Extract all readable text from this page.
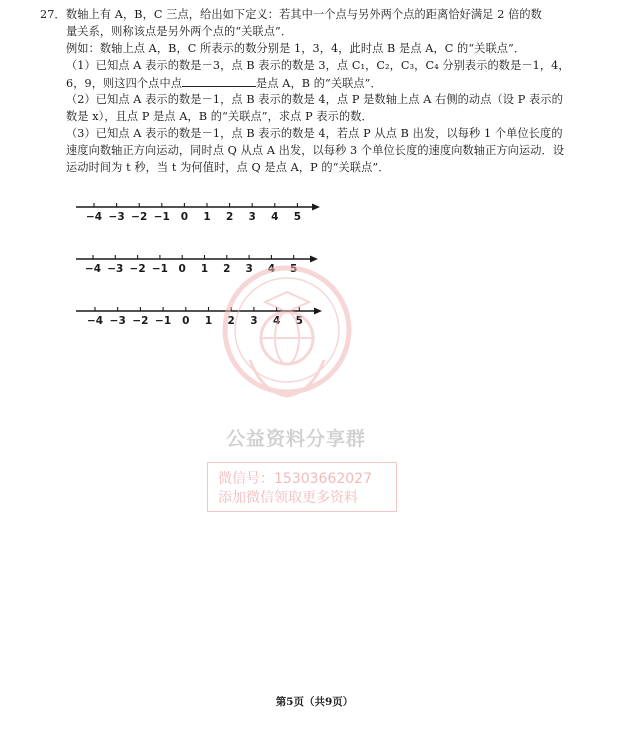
27． 数轴上有 A，B，C 三点，给出如下定义：若其中一个点与另外两个点的距离恰好满足 2 倍的数
量关系，则称该点是另外两个点的“关联点”．
例如：数轴上点 A，B，C 所表示的数分别是 1，3，4，此时点 B 是点 A，C 的“关联点”．
（1）已知点 A 表示的数是－3，点 B 表示的数是 3，点 C₁，C₂，C₃，C₄ 分别表示的数是－1，4，
6，9，则这四个点中点	是点 A，B 的“关联点”．
（2）已知点 A 表示的数是－1，点 B 表示的数是 4，点 P 是数轴上点 A 右侧的动点（设 P 表示的
数是 x），且点 P 是点 A，B 的“关联点”，求点 P 表示的数．
（3）已知点 A 表示的数是－1，点 B 表示的数是 4，若点 P 从点 B 出发，以每秒 1 个单位长度的
速度向数轴正方向运动，同时点 Q 从点 A 出发，以每秒 3 个单位长度的速度向数轴正方向运动．设
运动时间为 t 秒，当 t 为何值时，点 Q 是点 A，P 的“关联点”．
−4 −3 −2 −1 0 1 2 3 4 5
−4 −3 −2 −1 0 1 2 3 4 5
−4 −3 −2 −1 0 1 2 3 4 5
公益资料分享群
微信号：15303662027
添加微信领取更多资料
第5页（共9页）
